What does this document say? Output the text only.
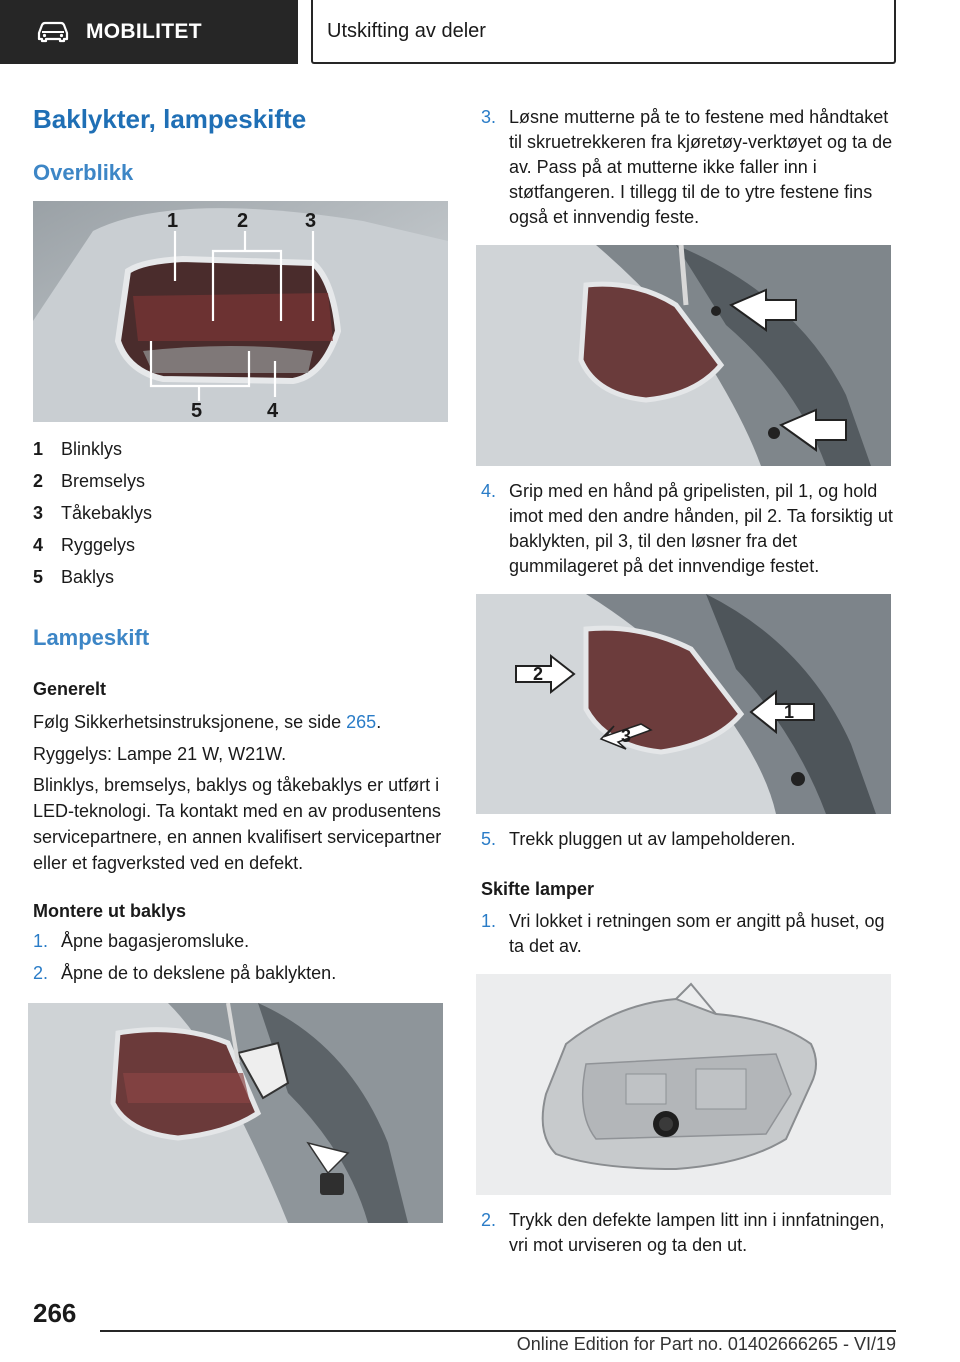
MOBILITET	Utskifting av deler
Baklykter, lampeskifte
Overblikk
1	2	3
4
5
1 Blinklys
2 Bremselys
3 Tåkebaklys
4 Ryggelys
5 Baklys
Lampeskift
Generelt
Følg Sikkerhetsinstruksjonene, se side 265.
Ryggelys: Lampe 21 W, W21W.
Blinklys, bremselys, baklys og tåkebaklys er utført i LED-teknologi. Ta kontakt med en av produsentens servicepartnere, en annen kvalifisert servicepartner eller et fagverksted ved en defekt.
Montere ut baklys
1. Åpne bagasjeromsluke.
2. Åpne de to dekslene på baklykten.
3. Løsne mutterne på te to festene med håndtaket til skruetrekkeren fra kjøretøy-verktøyet og ta de av. Pass på at mutterne ikke faller inn i støtfangeren. I tillegg til de to ytre festene fins også et innvendig feste.
4. Grip med en hånd på gripelisten, pil 1, og hold imot med den andre hånden, pil 2. Ta forsiktig ut baklykten, pil 3, til den løsner fra det gummilageret på det innvendige festet.
2
1
3
5. Trekk pluggen ut av lampeholderen.
Skifte lamper
1. Vri lokket i retningen som er angitt på huset, og ta det av.
2. Trykk den defekte lampen litt inn i innfatningen, vri mot urviseren og ta den ut.
266
Online Edition for Part no. 01402666265 - VI/19
